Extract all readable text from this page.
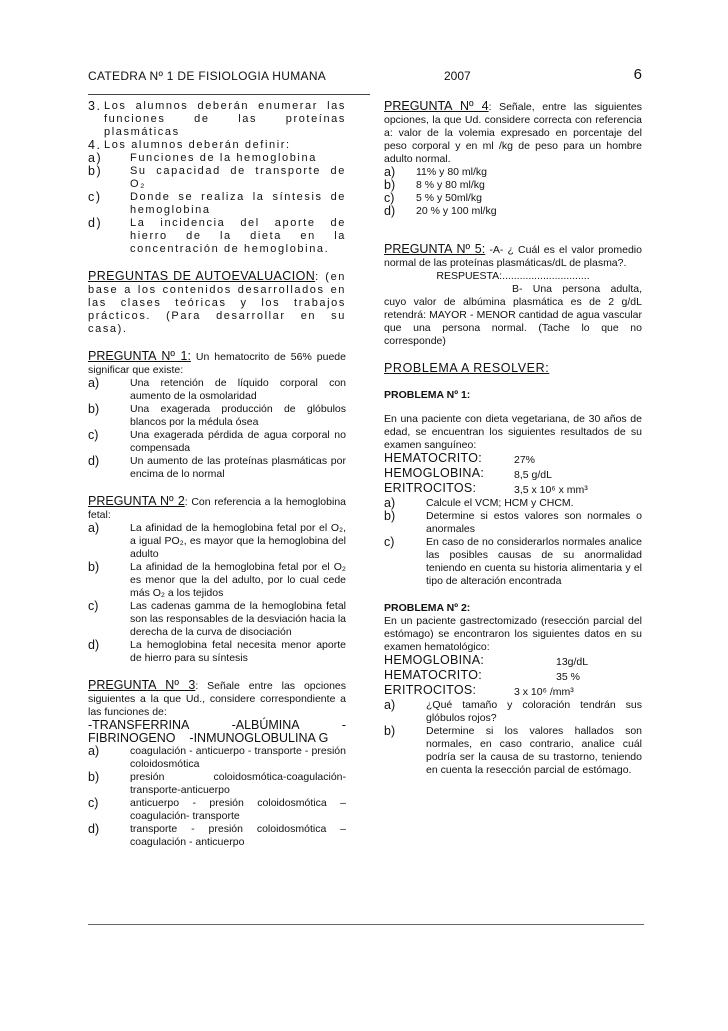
CATEDRA Nº 1 DE FISIOLOGIA HUMANA	2007	6
3. Los alumnos deberán enumerar las funciones de las proteínas plasmáticas
4. Los alumnos deberán definir:
a)	Funciones de la hemoglobina
b)	Su capacidad de transporte de O₂
c)	Donde se realiza la síntesis de hemoglobina
d)	La incidencia del aporte de hierro de la dieta en la concentración de hemoglobina.
PREGUNTAS DE AUTOEVALUACION: (en base a los contenidos desarrollados en las clases teóricas y los trabajos prácticos. (Para desarrollar en su casa).
PREGUNTA Nº 1: Un hematocrito de 56% puede significar que existe:
a)	Una retención de líquido corporal con aumento de la osmolaridad
b)	Una exagerada producción de glóbulos blancos por la médula ósea
c)	Una exagerada pérdida de agua corporal no compensada
d)	Un aumento de las proteínas plasmáticas por encima de lo normal
PREGUNTA Nº 2: Con referencia a la hemoglobina fetal:
a)	La afinidad de la hemoglobina fetal por el O₂, a igual PO₂, es mayor que la hemoglobina del adulto
b)	La afinidad de la hemoglobina fetal por el O₂ es menor que la del adulto, por lo cual cede más O₂ a los tejidos
c)	Las cadenas gamma de la hemoglobina fetal son las responsables de la desviación hacia la derecha de la curva de disociación
d)	La hemoglobina fetal necesita menor aporte de hierro para su síntesis
PREGUNTA Nº 3: Señale entre las opciones siguientes a la que Ud., considere correspondiente a las funciones de:
-TRANSFERRINA	-ALBÚMINA	-
FIBRINOGENO -INMUNOGLOBULINA G
a)	coagulación - anticuerpo - transporte - presión coloidosmótica
b)	presión coloidosmótica-coagulación-transporte-anticuerpo
c)	anticuerpo - presión coloidosmótica – coagulación- transporte
d)	transporte - presión coloidosmótica – coagulación - anticuerpo
PREGUNTA Nº 4: Señale, entre las siguientes opciones, la que Ud. considere correcta con referencia a: valor de la volemia expresado en porcentaje del peso corporal y en ml /kg de peso para un hombre adulto normal.
a)	11% y 80 ml/kg
b)	8 % y 80 ml/kg
c)	5 % y 50ml/kg
d)	20 % y 100 ml/kg
PREGUNTA Nº 5: -A- ¿ Cuál es el valor promedio normal de las proteínas plasmáticas/dL de plasma?.
RESPUESTA:..............................
B- Una persona adulta, cuyo valor de albúmina plasmática es de 2 g/dL retendrá: MAYOR - MENOR cantidad de agua vascular que una persona normal. (Tache lo que no corresponde)
PROBLEMA A RESOLVER:
PROBLEMA Nº 1:
En una paciente con dieta vegetariana, de 30 años de edad, se encuentran los siguientes resultados de su examen sanguíneo:
HEMATOCRITO:	27%
HEMOGLOBINA:	8,5 g/dL
ERITROCITOS:	3,5 x 10⁶ x mm³
a)	Calcule el VCM; HCM y CHCM.
b)	Determine si estos valores son normales o anormales
c)	En caso de no considerarlos normales analice las posibles causas de su anormalidad teniendo en cuenta su historia alimentaria y el tipo de alteración encontrada
PROBLEMA Nº 2:
En un paciente gastrectomizado (resección parcial del estómago) se encontraron los siguientes datos en su examen hematológico:
HEMOGLOBINA:	13g/dL
HEMATOCRITO:	35 %
ERITROCITOS:	3 x 10⁶ /mm³
a)	¿Qué tamaño y coloración tendrán sus glóbulos rojos?
b)	Determine si los valores hallados son normales, en caso contrario, analice cuál podría ser la causa de su trastorno, teniendo en cuenta la resección parcial de estómago.
